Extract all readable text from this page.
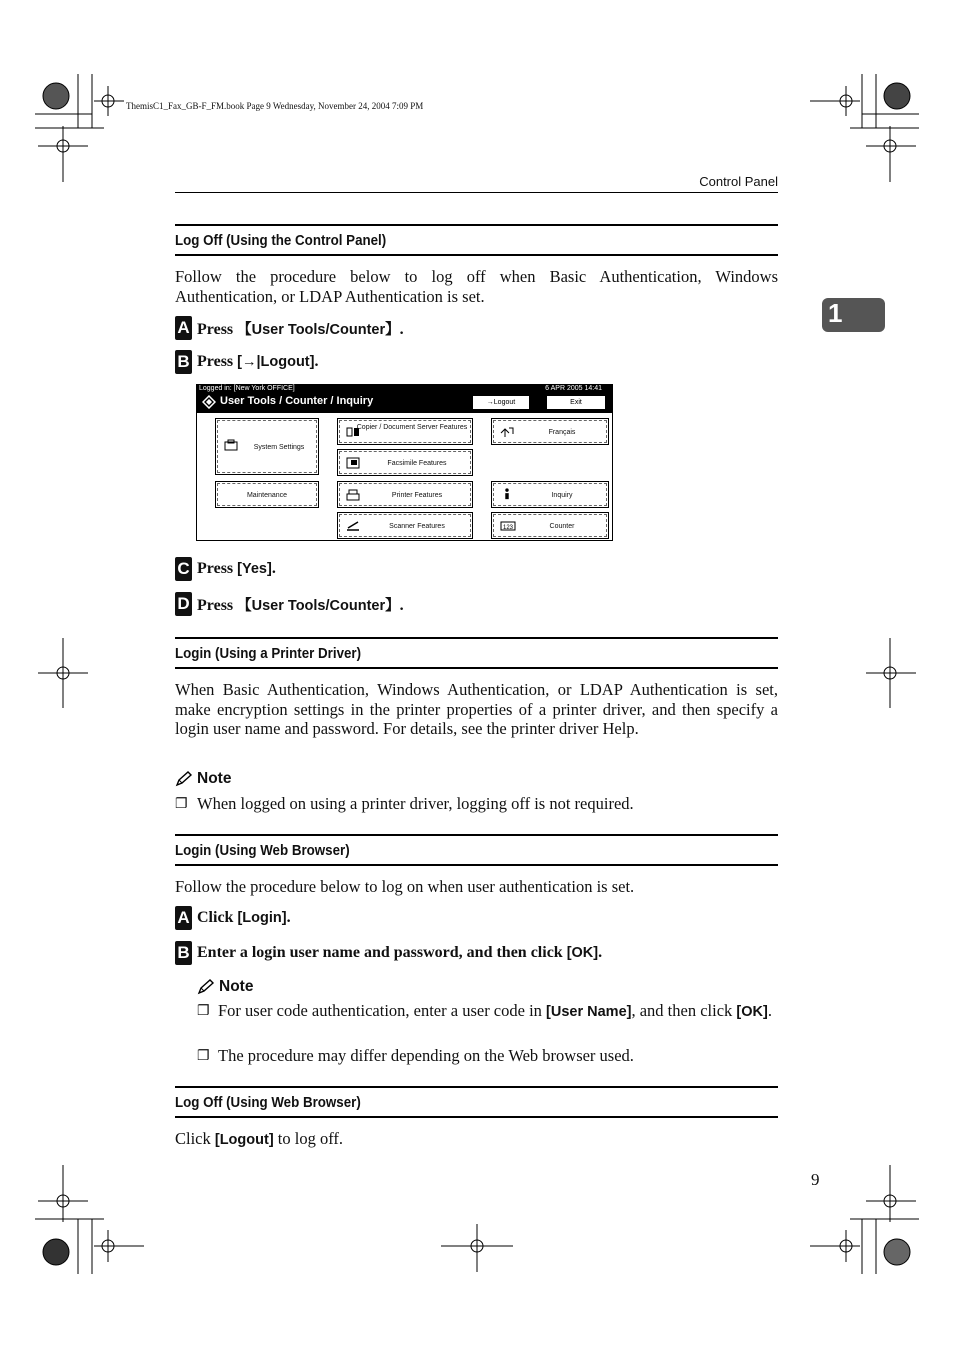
ThemisC1_Fax_GB-F_FM.book Page 9 Wednesday, November 24, 2004 7:09 PM
Control Panel
1
Log Off (Using the Control Panel)
Follow the procedure below to log off when Basic Authentication, Windows Authentication, or LDAP Authentication is set.
A Press 【User Tools/Counter】.
B Press [→|Logout].
Logged in: [New York OFFICE]	6 APR 2005 14:41
User Tools / Counter / Inquiry	→Logout	Exit
System Settings
Copier / Document Server Features
Français
Facsimile Features
Maintenance	Printer Features	Inquiry
Scanner Features	123	Counter
C Press [Yes].
D Press 【User Tools/Counter】.
Login (Using a Printer Driver)
When Basic Authentication, Windows Authentication, or LDAP Authentication is set, make encryption settings in the printer properties of a printer driver, and then specify a login user name and password. For details, see the printer driver Help.
Note
❐ When logged on using a printer driver, logging off is not required.
Login (Using Web Browser)
Follow the procedure below to log on when user authentication is set.
A Click [Login].
B Enter a login user name and password, and then click [OK].
Note
❐ For user code authentication, enter a user code in [User Name], and then click [OK].
❐ The procedure may differ depending on the Web browser used.
Log Off (Using Web Browser)
Click [Logout] to log off.
9
